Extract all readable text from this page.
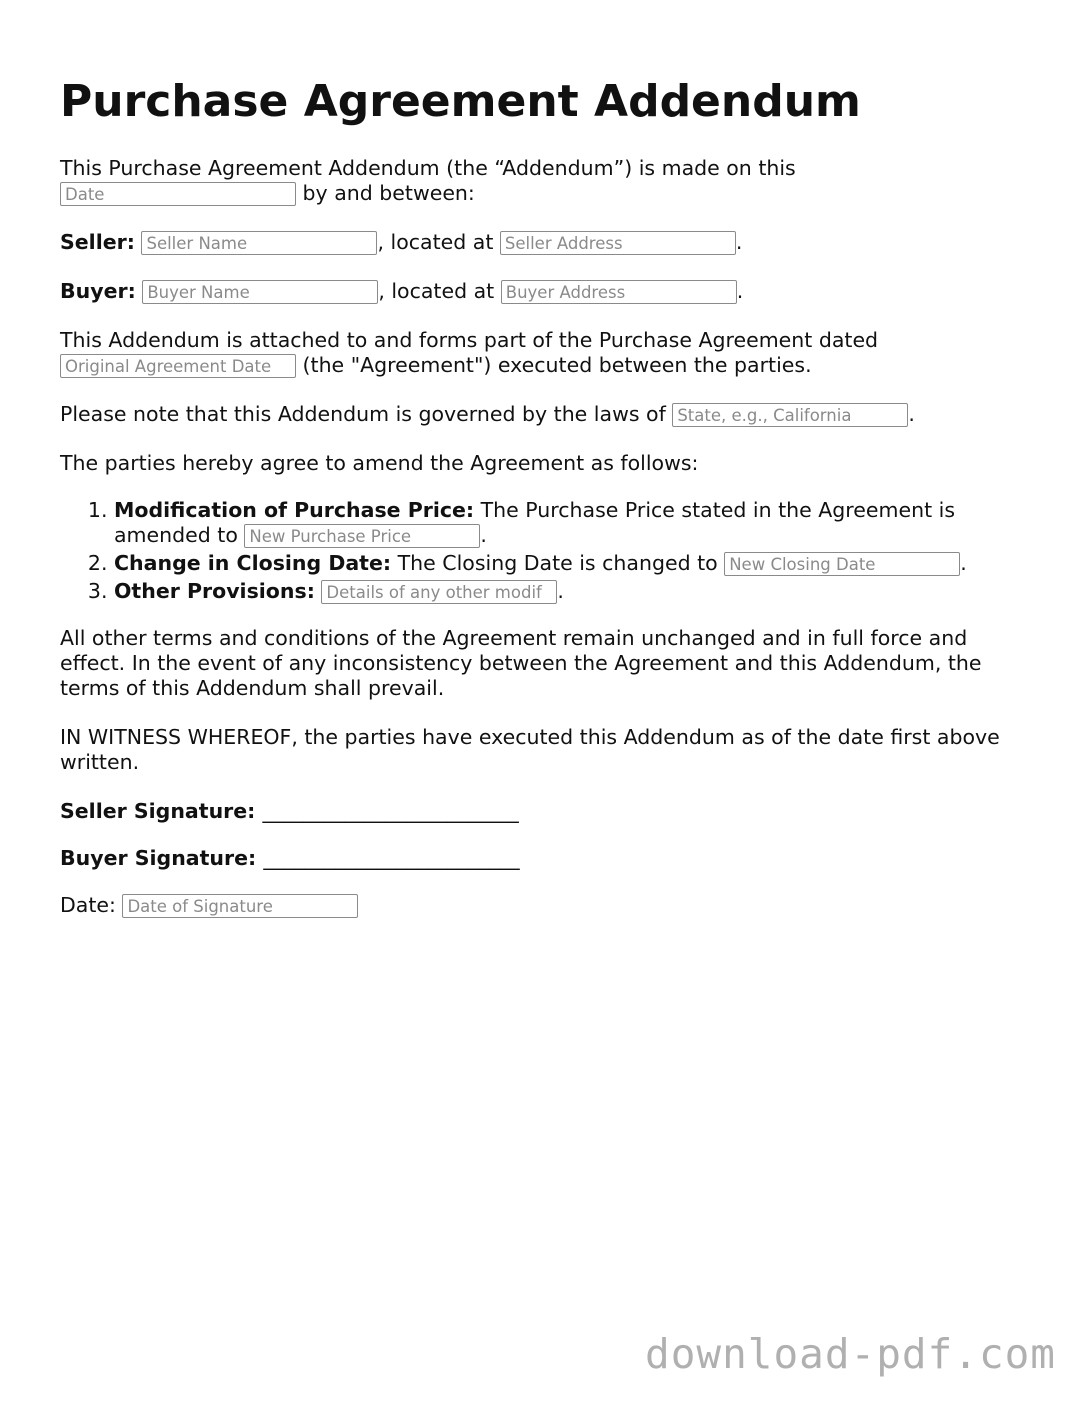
Purchase Agreement Addendum

This Purchase Agreement Addendum (the “Addendum”) is made on this
Date by and between:

Seller: Seller Name	, located at Seller Address	.

Buyer: Buyer Name	, located at Buyer Address	.

This Addendum is attached to and forms part of the Purchase Agreement dated
Original Agreement Date (the "Agreement") executed between the parties.

Please note that this Addendum is governed by the laws of State, e.g., California	.

The parties hereby agree to amend the Agreement as follows:

1. Modification of Purchase Price: The Purchase Price stated in the Agreement is amended to New Purchase Price	.
2. Change in Closing Date: The Closing Date is changed to New Closing Date	.
3. Other Provisions: Details of any other modif	.

All other terms and conditions of the Agreement remain unchanged and in full force and effect. In the event of any inconsistency between the Agreement and this Addendum, the terms of this Addendum shall prevail.

IN WITNESS WHEREOF, the parties have executed this Addendum as of the date first above written.

Seller Signature: _________________________

Buyer Signature: _________________________

Date: Date of Signature

download-pdf.com
